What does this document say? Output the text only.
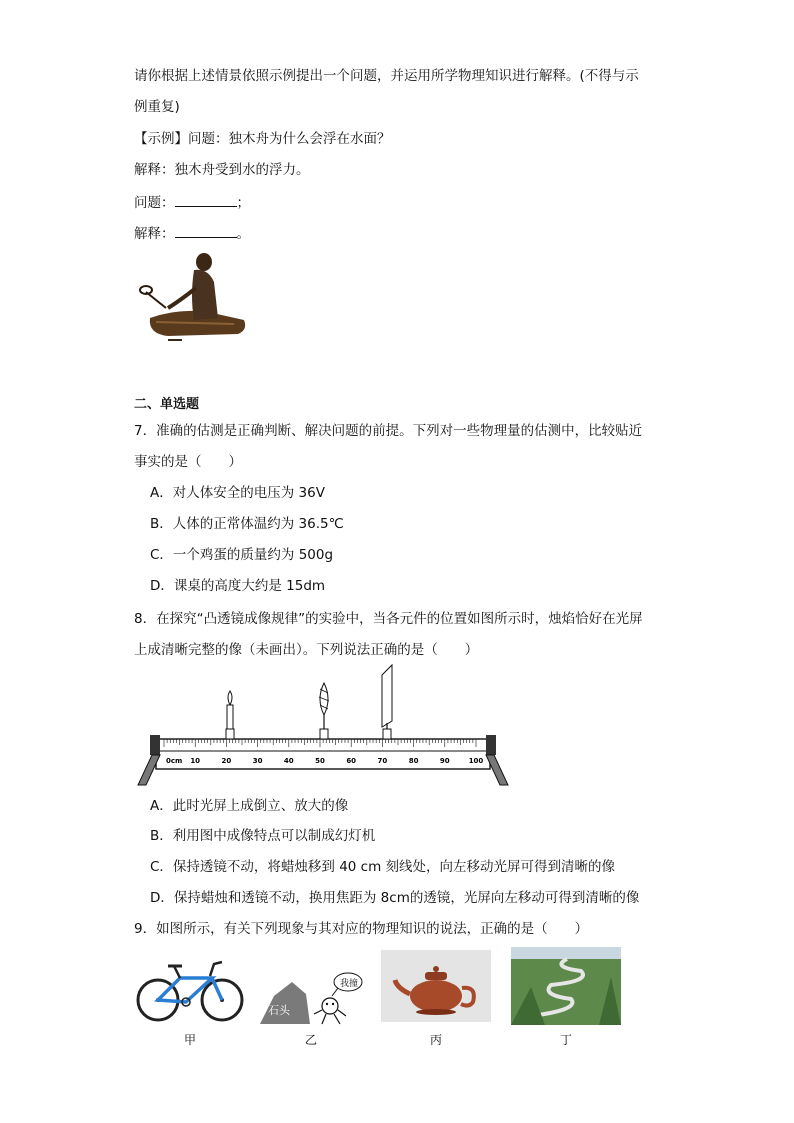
请你根据上述情景依照示例提出一个问题，并运用所学物理知识进行解释。(不得与示
例重复)
【示例】问题：独木舟为什么会浮在水面？
解释：独木舟受到水的浮力。
问题：	；
解释：	。
二、单选题
7．准确的估测是正确判断、解决问题的前提。下列对一些物理量的估测中，比较贴近
事实的是（　　）
A．对人体安全的电压为 36V
B．人体的正常体温约为 36.5℃
C．一个鸡蛋的质量约为 500g
D．课桌的高度大约是 15dm
8．在探究“凸透镜成像规律”的实验中，当各元件的位置如图所示时，烛焰恰好在光屏
上成清晰完整的像（未画出）。下列说法正确的是（　　）
0cm 10	20	30	40	50	60	70	80	90	100
A．此时光屏上成倒立、放大的像
B．利用图中成像特点可以制成幻灯机
C．保持透镜不动，将蜡烛移到 40 cm 刻线处，向左移动光屏可得到清晰的像
D．保持蜡烛和透镜不动，换用焦距为 8cm的透镜，光屏向左移动可得到清晰的像
9．如图所示，有关下列现象与其对应的物理知识的说法，正确的是（　　）
石头
我撞
甲	乙	丙	丁
